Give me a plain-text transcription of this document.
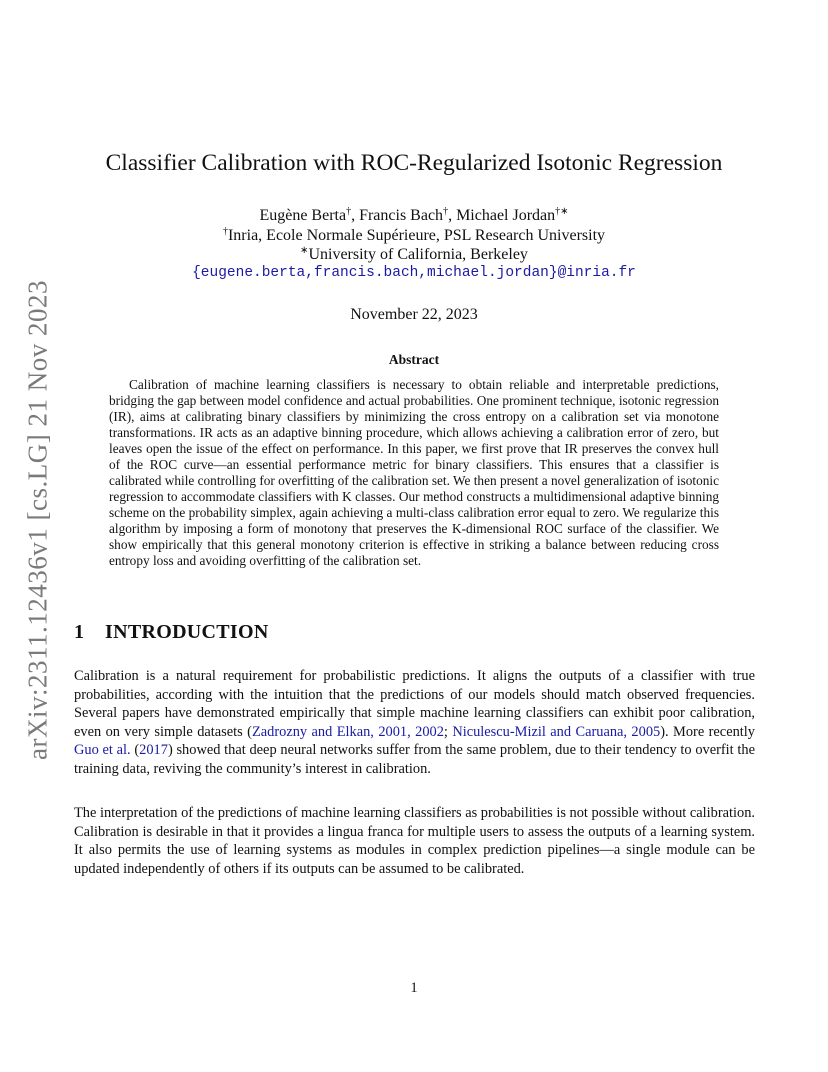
arXiv:2311.12436v1 [cs.LG] 21 Nov 2023
Classifier Calibration with ROC-Regularized Isotonic Regression
Eugène Berta†, Francis Bach†, Michael Jordan†∗
†Inria, Ecole Normale Supérieure, PSL Research University
∗University of California, Berkeley
{eugene.berta,francis.bach,michael.jordan}@inria.fr
November 22, 2023
Abstract
Calibration of machine learning classifiers is necessary to obtain reliable and interpretable predictions, bridging the gap between model confidence and actual probabilities. One prominent technique, isotonic regression (IR), aims at calibrating binary classifiers by minimizing the cross entropy on a calibration set via monotone transformations. IR acts as an adaptive binning procedure, which allows achieving a calibration error of zero, but leaves open the issue of the effect on performance. In this paper, we first prove that IR preserves the convex hull of the ROC curve—an essential performance metric for binary classifiers. This ensures that a classifier is calibrated while controlling for overfitting of the calibration set. We then present a novel generalization of isotonic regression to accommodate classifiers with K classes. Our method constructs a multidimensional adaptive binning scheme on the probability simplex, again achieving a multi-class calibration error equal to zero. We regularize this algorithm by imposing a form of monotony that preserves the K-dimensional ROC surface of the classifier. We show empirically that this general monotony criterion is effective in striking a balance between reducing cross entropy loss and avoiding overfitting of the calibration set.
1 INTRODUCTION
Calibration is a natural requirement for probabilistic predictions. It aligns the outputs of a classifier with true probabilities, according with the intuition that the predictions of our models should match observed frequencies. Several papers have demonstrated empirically that simple machine learning classifiers can exhibit poor calibration, even on very simple datasets (Zadrozny and Elkan, 2001, 2002; Niculescu-Mizil and Caruana, 2005). More recently Guo et al. (2017) showed that deep neural networks suffer from the same problem, due to their tendency to overfit the training data, reviving the community’s interest in calibration.
The interpretation of the predictions of machine learning classifiers as probabilities is not possible without calibration. Calibration is desirable in that it provides a lingua franca for multiple users to assess the outputs of a learning system. It also permits the use of learning systems as modules in complex prediction pipelines—a single module can be updated independently of others if its outputs can be assumed to be calibrated.
1
